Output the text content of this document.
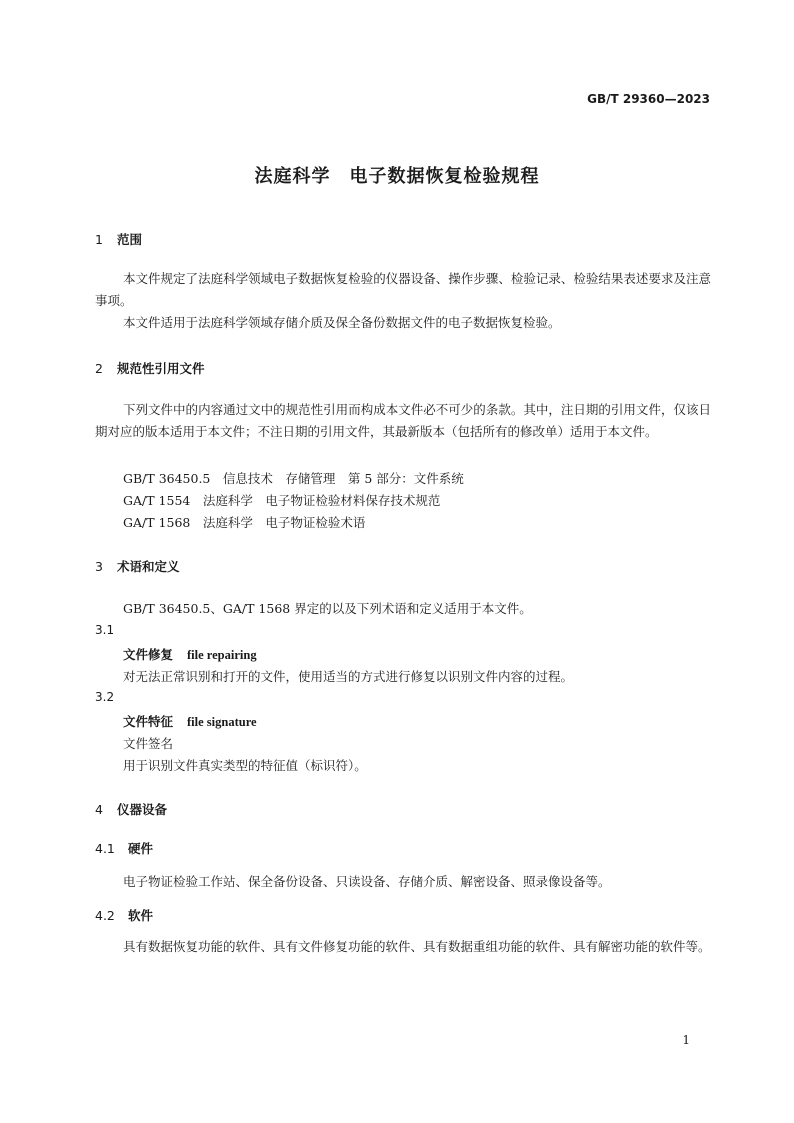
GB/T 29360—2023
法庭科学　电子数据恢复检验规程
1 范围
本文件规定了法庭科学领域电子数据恢复检验的仪器设备、操作步骤、检验记录、检验结果表述要求及注意事项。
本文件适用于法庭科学领域存储介质及保全备份数据文件的电子数据恢复检验。
2 规范性引用文件
下列文件中的内容通过文中的规范性引用而构成本文件必不可少的条款。其中，注日期的引用文件，仅该日期对应的版本适用于本文件；不注日期的引用文件，其最新版本（包括所有的修改单）适用于本文件。
GB/T 36450.5　信息技术　存储管理　第 5 部分：文件系统
GA/T 1554　法庭科学　电子物证检验材料保存技术规范
GA/T 1568　法庭科学　电子物证检验术语
3 术语和定义
GB/T 36450.5、GA/T 1568 界定的以及下列术语和定义适用于本文件。
3.1
文件修复 file repairing
对无法正常识别和打开的文件，使用适当的方式进行修复以识别文件内容的过程。
3.2
文件特征 file signature
文件签名
用于识别文件真实类型的特征值（标识符）。
4 仪器设备
4.1 硬件
电子物证检验工作站、保全备份设备、只读设备、存储介质、解密设备、照录像设备等。
4.2 软件
具有数据恢复功能的软件、具有文件修复功能的软件、具有数据重组功能的软件、具有解密功能的软件等。
1
